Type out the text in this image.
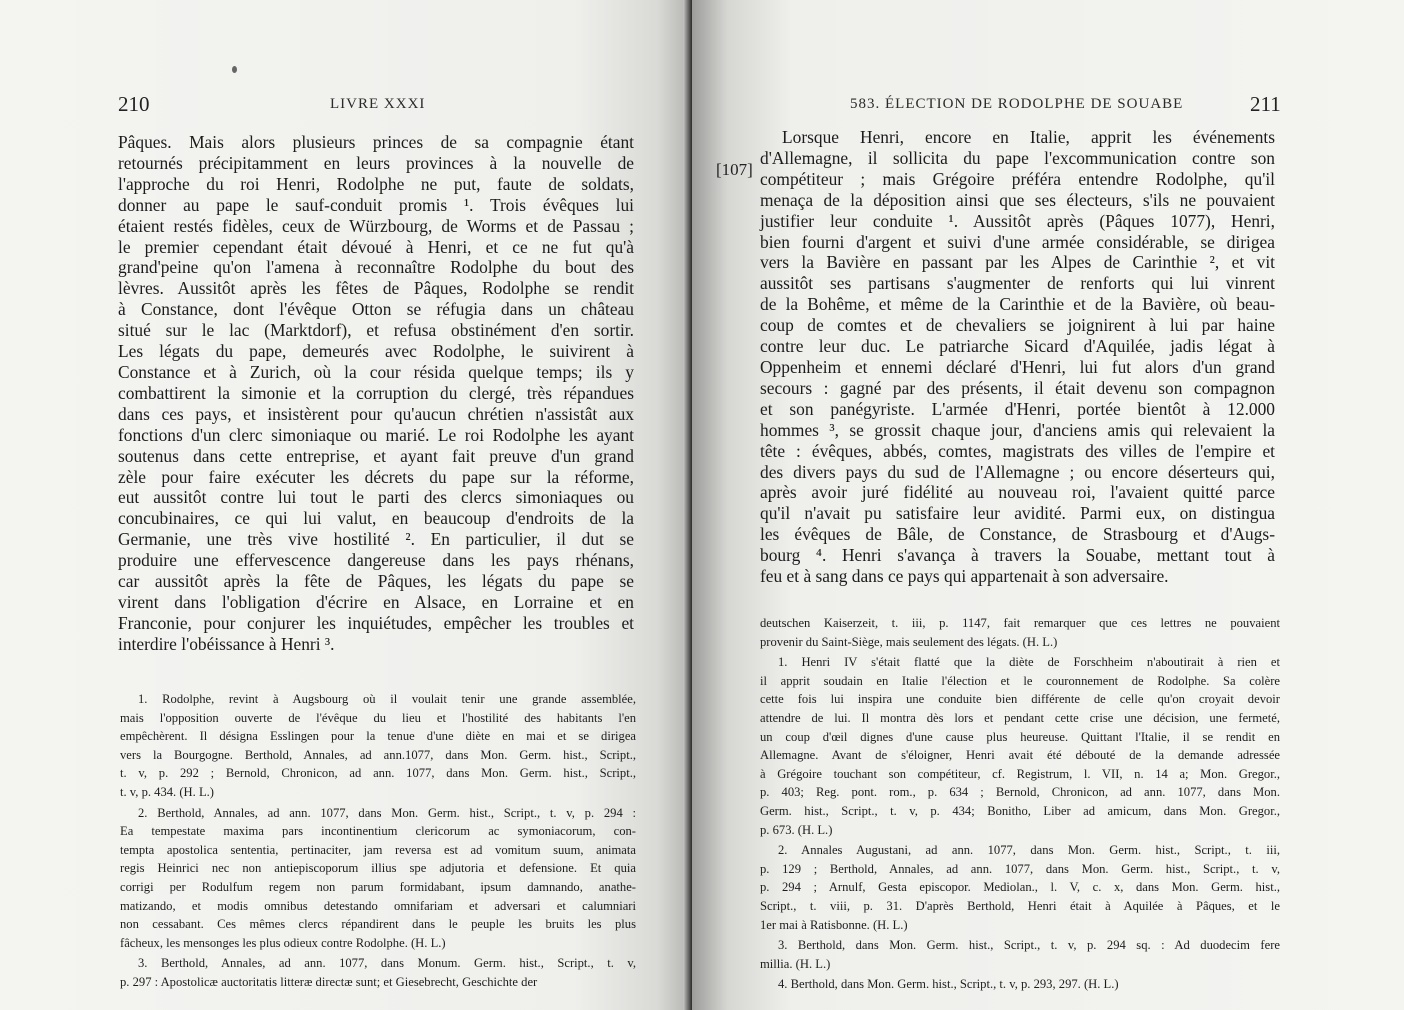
210	LIVRE XXXI

Pâques. Mais alors plusieurs princes de sa compagnie étant
retournés précipitamment en leurs provinces à la nouvelle de
l'approche du roi Henri, Rodolphe ne put, faute de soldats,
donner au pape le sauf-conduit promis ¹. Trois évêques lui
étaient restés fidèles, ceux de Würzbourg, de Worms et de Passau ;
le premier cependant était dévoué à Henri, et ce ne fut qu'à
grand'peine qu'on l'amena à reconnaître Rodolphe du bout des
lèvres. Aussitôt après les fêtes de Pâques, Rodolphe se rendit
à Constance, dont l'évêque Otton se réfugia dans un château
situé sur le lac (Marktdorf), et refusa obstinément d'en sortir.
Les légats du pape, demeurés avec Rodolphe, le suivirent à
Constance et à Zurich, où la cour résida quelque temps; ils y
combattirent la simonie et la corruption du clergé, très répandues
dans ces pays, et insistèrent pour qu'aucun chrétien n'assistât aux
fonctions d'un clerc simoniaque ou marié. Le roi Rodolphe les ayant
soutenus dans cette entreprise, et ayant fait preuve d'un grand
zèle pour faire exécuter les décrets du pape sur la réforme,
eut aussitôt contre lui tout le parti des clercs simoniaques ou
concubinaires, ce qui lui valut, en beaucoup d'endroits de la
Germanie, une très vive hostilité ². En particulier, il dut se
produire une effervescence dangereuse dans les pays rhénans,
car aussitôt après la fête de Pâques, les légats du pape se
virent dans l'obligation d'écrire en Alsace, en Lorraine et en
Franconie, pour conjurer les inquiétudes, empêcher les troubles et
interdire l'obéissance à Henri ³.

1. Rodolphe, revint à Augsbourg où il voulait tenir une grande assemblée,
mais l'opposition ouverte de l'évêque du lieu et l'hostilité des habitants l'en
empêchèrent. Il désigna Esslingen pour la tenue d'une diète en mai et se dirigea
vers la Bourgogne. Berthold, Annales, ad ann.1077, dans Mon. Germ. hist., Script.,
t. v, p. 292 ; Bernold, Chronicon, ad ann. 1077, dans Mon. Germ. hist., Script.,
t. v, p. 434. (H. L.)

2. Berthold, Annales, ad ann. 1077, dans Mon. Germ. hist., Script., t. v, p. 294 :
Ea tempestate maxima pars incontinentium clericorum ac symoniacorum, con-
tempta apostolica sententia, pertinaciter, jam reversa est ad vomitum suum, animata
regis Heinrici nec non antiepiscoporum illius spe adjutoria et defensione. Et quia
corrigi per Rodulfum regem non parum formidabant, ipsum damnando, anathe-
matizando, et modis omnibus detestando omnifariam et adversari et calumniari
non cessabant. Ces mêmes clercs répandirent dans le peuple les bruits les plus
fâcheux, les mensonges les plus odieux contre Rodolphe. (H. L.)

3. Berthold, Annales, ad ann. 1077, dans Monum. Germ. hist., Script., t. v,
p. 297 : Apostolicæ auctoritatis litteræ directæ sunt; et Giesebrecht, Geschichte der

211
583. ÉLECTION DE RODOLPHE DE SOUABE
[107]

Lorsque Henri, encore en Italie, apprit les événements
d'Allemagne, il sollicita du pape l'excommunication contre son
compétiteur ; mais Grégoire préféra entendre Rodolphe, qu'il
menaça de la déposition ainsi que ses électeurs, s'ils ne pouvaient
justifier leur conduite ¹. Aussitôt après (Pâques 1077), Henri,
bien fourni d'argent et suivi d'une armée considérable, se dirigea
vers la Bavière en passant par les Alpes de Carinthie ², et vit
aussitôt ses partisans s'augmenter de renforts qui lui vinrent
de la Bohême, et même de la Carinthie et de la Bavière, où beau-
coup de comtes et de chevaliers se joignirent à lui par haine
contre leur duc. Le patriarche Sicard d'Aquilée, jadis légat à
Oppenheim et ennemi déclaré d'Henri, lui fut alors d'un grand
secours : gagné par des présents, il était devenu son compagnon
et son panégyriste. L'armée d'Henri, portée bientôt à 12.000
hommes ³, se grossit chaque jour, d'anciens amis qui relevaient la
tête : évêques, abbés, comtes, magistrats des villes de l'empire et
des divers pays du sud de l'Allemagne ; ou encore déserteurs qui,
après avoir juré fidélité au nouveau roi, l'avaient quitté parce
qu'il n'avait pu satisfaire leur avidité. Parmi eux, on distingua
les évêques de Bâle, de Constance, de Strasbourg et d'Augs-
bourg ⁴. Henri s'avança à travers la Souabe, mettant tout à
feu et à sang dans ce pays qui appartenait à son adversaire.

deutschen Kaiserzeit, t. iii, p. 1147, fait remarquer que ces lettres ne pouvaient
provenir du Saint-Siège, mais seulement des légats. (H. L.)

1. Henri IV s'était flatté que la diète de Forschheim n'aboutirait à rien et
il apprit soudain en Italie l'élection et le couronnement de Rodolphe. Sa colère
cette fois lui inspira une conduite bien différente de celle qu'on croyait devoir
attendre de lui. Il montra dès lors et pendant cette crise une décision, une fermeté,
un coup d'œil dignes d'une cause plus heureuse. Quittant l'Italie, il se rendit en
Allemagne. Avant de s'éloigner, Henri avait été débouté de la demande adressée
à Grégoire touchant son compétiteur, cf. Registrum, l. VII, n. 14 a; Mon. Gregor.,
p. 403; Reg. pont. rom., p. 634 ; Bernold, Chronicon, ad ann. 1077, dans Mon.
Germ. hist., Script., t. v, p. 434; Bonitho, Liber ad amicum, dans Mon. Gregor.,
p. 673. (H. L.)

2. Annales Augustani, ad ann. 1077, dans Mon. Germ. hist., Script., t. iii,
p. 129 ; Berthold, Annales, ad ann. 1077, dans Mon. Germ. hist., Script., t. v,
p. 294 ; Arnulf, Gesta episcopor. Mediolan., l. V, c. x, dans Mon. Germ. hist.,
Script., t. viii, p. 31. D'après Berthold, Henri était à Aquilée à Pâques, et le
1er mai à Ratisbonne. (H. L.)

3. Berthold, dans Mon. Germ. hist., Script., t. v, p. 294 sq. : Ad duodecim fere
millia. (H. L.)

4. Berthold, dans Mon. Germ. hist., Script., t. v, p. 293, 297. (H. L.)
